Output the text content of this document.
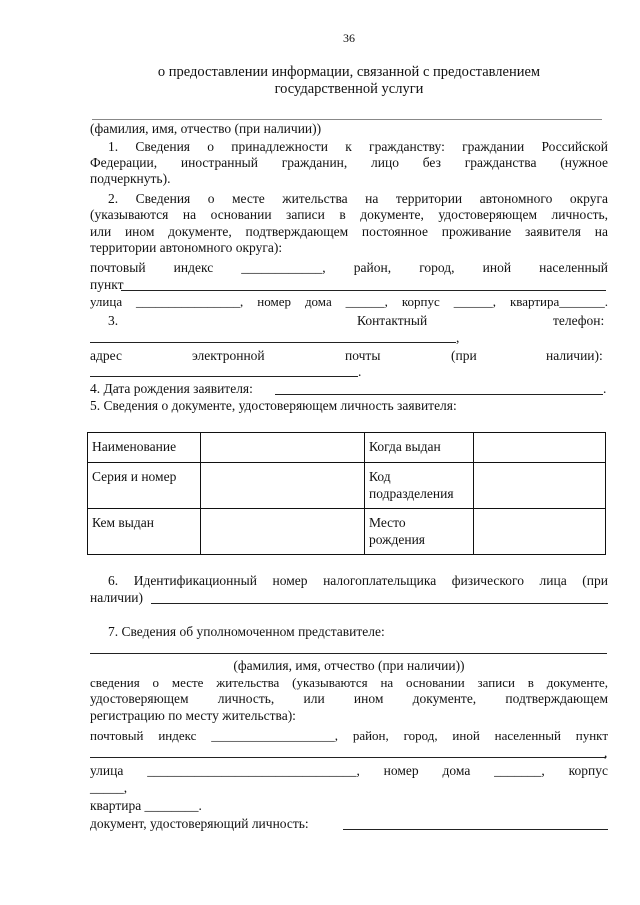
36
о предоставлении информации, связанной с предоставлением
государственной услуги
(фамилия, имя, отчество (при наличии))
1. Сведения о принадлежности к гражданству: граждании Российской
Федерации, иностранный гражданин, лицо без гражданства (нужное
подчеркнуть).
2. Сведения о месте жительства на территории автономного округа
(указываются на основании записи в документе, удостоверяющем личность,
или ином документе, подтверждающем постоянное проживание заявителя на
территории автономного округа):
почтовый индекс ____________, район, город, иной населенный
пункт
улица ________________, номер дома ______, корпус ______, квартира_______.
3.	Контактный	телефон:
,
адрес	электронной	почты	(при	наличии):
.
4. Дата рождения заявителя:	.
5. Сведения о документе, удостоверяющем личность заявителя:
Наименование		Когда выдан	
Серия и номер		Код
подразделения	
Кем выдан		Место
рождения	
6. Идентификационный номер налогоплательщика физического лица (при
наличии)
7. Сведения об уполномоченном представителе:
(фамилия, имя, отчество (при наличии))
сведения о месте жительства (указываются на основании записи в документе,
удостоверяющем личность, или ином документе, подтверждающем
регистрацию по месту жительства):
почтовый индекс ___________________, район, город, иной населенный пункт
,
улица _______________________________, номер дома _______, корпус
_____,
квартира ________.
документ, удостоверяющий личность:
